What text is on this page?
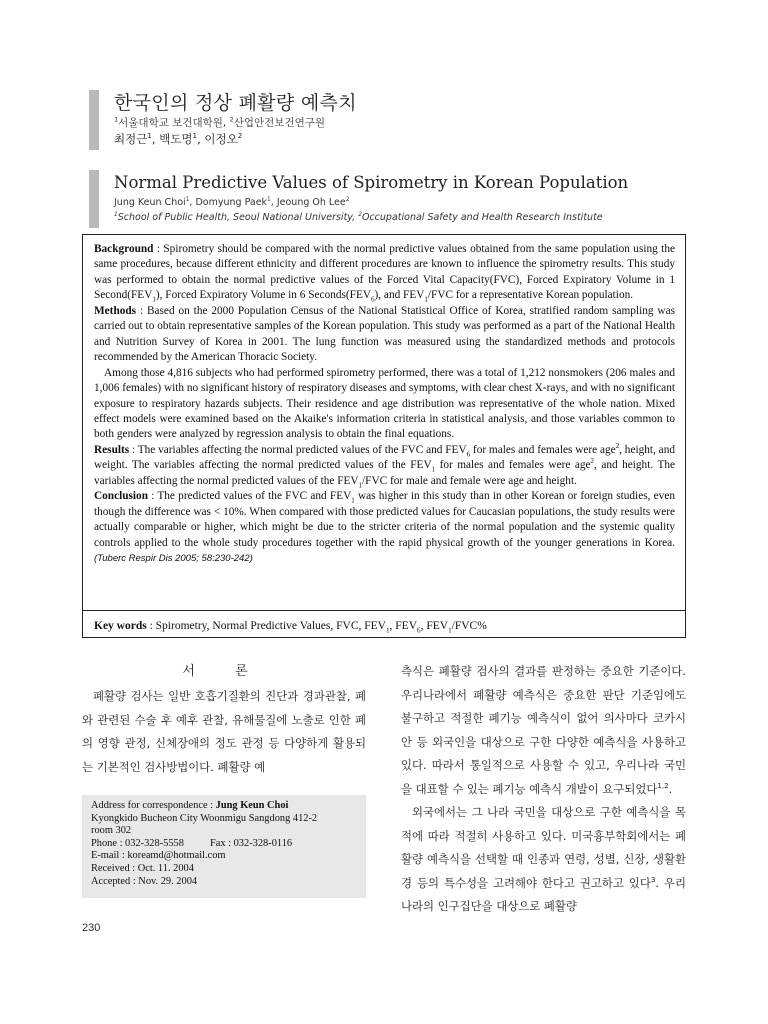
한국인의 정상 폐활량 예측치
$^1$서울대학교 보건대학원, $^2$산업안전보건연구원
최정근$^1$, 백도명$^1$, 이정오$^2$
Normal Predictive Values of Spirometry in Korean Population
Jung Keun Choi$^1$, Domyung Paek$^1$, Jeoung Oh Lee$^2$
$^1$School of Public Health, Seoul National University, $^2$Occupational Safety and Health Research Institute

Background : Spirometry should be compared with the normal predictive values obtained from the same population using the same procedures, because different ethnicity and different procedures are known to influence the spirometry results. This study was performed to obtain the normal predictive values of the Forced Vital Capacity(FVC), Forced Expiratory Volume in 1 $Second(FEV_1)$, Forced Expiratory Volume in 6 $Seconds(FEV_6)$, and $FEV_1$/FVC for a representative Korean population.

Methods : Based on the 2000 Population Census of the National Statistical Office of Korea, stratified random sampling was carried out to obtain representative samples of the Korean population. This study was performed as a part of the National Health and Nutrition Survey of Korea in 2001. The lung function was measured using the standardized methods and protocols recommended by the American Thoracic Society.

Among those 4,816 subjects who had performed spirometry performed, there was a total of 1,212 nonsmokers (206 males and 1,006 females) with no significant history of respiratory diseases and symptoms, with clear chest X-rays, and with no significant exposure to respiratory hazards subjects. Their residence and age distribution was representative of the whole nation. Mixed effect models were examined based on the Akaike's information criteria in statistical analysis, and those variables common to both genders were analyzed by regression analysis to obtain the final equations.

Results : The variables affecting the normal predicted values of the FVC and $FEV_6$ for males and females were age$^2$, height, and weight. The variables affecting the normal predicted values of the $FEV_1$ for males and females were age$^2$, and height. The variables affecting the normal predicted values of the $FEV_1$/FVC for male and female were age and height.

Conclusion : The predicted values of the FVC and $FEV_1$ was higher in this study than in other Korean or foreign studies, even though the difference was < 10%. When compared with those predicted values for Caucasian populations, the study results were actually comparable or higher, which might be due to the stricter criteria of the normal population and the systemic quality controls applied to the whole study procedures together with the rapid physical growth of the younger generations in Korea. (Tuberc Respir Dis 2005; 58:230-242)

Key words : Spirometry, Normal Predictive Values, FVC, $FEV_1$, $FEV_6$, $FEV_1/FVC\%$
서 론

폐활량 검사는 일반 호흡기질환의 진단과 경과관찰, 폐와 관련된 수술 후 예후 관찰, 유해물질에 노출로 인한 폐의 영향 관정, 신체장애의 정도 관정 등 다양하게 활용되는 기본적인 검사방법이다. 폐활량 예

측식은 폐활량 검사의 결과를 판정하는 중요한 기준이다. 우리나라에서 폐활량 예측식은 중요한 판단 기준임에도 불구하고 적절한 폐기능 예측식이 없어 의사마다 코카시안 등 외국인을 대상으로 구한 다양한 예측식을 사용하고 있다. 따라서 통일적으로 사용할 수 있고, 우리나라 국민을 대표할 수 있는 폐기능 예측식 개발이 요구되었다$^{1,2}$.

외국에서는 그 나라 국민을 대상으로 구한 예측식을 목적에 따라 적절히 사용하고 있다. 미국흉부학회에서는 폐활량 예측식을 선택할 때 인종과 연령, 성별, 신장, 생활환경 등의 특수성을 고려해야 한다고 권고하고 있다$^3$. 우리나라의 인구집단을 대상으로 폐활량

Address for correspondence : Jung Keun Choi
Kyongkido Bucheon City Woonmigu Sangdong 412-2
room 302
Phone : 032-328-5558	Fax : 032-328-0116
E-mail : koreamd@hotmail.com
Received : Oct. 11. 2004
Accepted : Nov. 29. 2004
230
